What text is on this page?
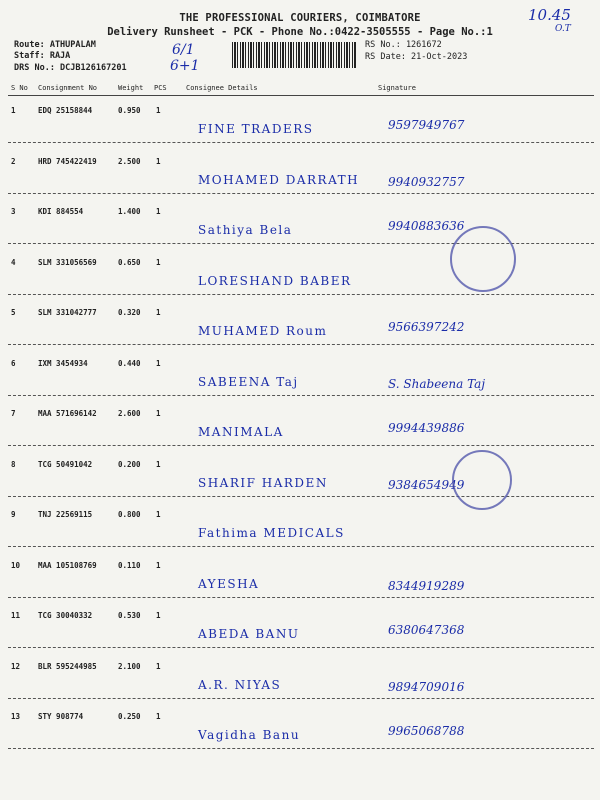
THE PROFESSIONAL COURIERS, COIMBATORE
Delivery Runsheet - PCK - Phone No.:0422-3505555 - Page No.:1
Route: ATHUPALAM
Staff: RAJA
DRS No.: DCJB126167201
RS No.: 1261672
RS Date: 21-Oct-2023
10.45
O.T
6/1
6+1
S No Consignment No	Weight PCS	Consignee Details	Signature
1	EDQ 25158844	0.950 1
FINE TRADERS	9597949767
2	HRD 745422419	2.500 1
MOHAMED DARRATH 9940932757
3	KDI 884554	1.400 1
Sathiya Bela	9940883636
4	SLM 331056569	0.650 1
LORESHAND BABER
5	SLM 331042777	0.320 1
MUHAMED Roum	9566397242
6	IXM 3454934	0.440 1
SABEENA Taj	S. Shabeena Taj
7	MAA 571696142	2.600 1
MANIMALA	9994439886
8	TCG 50491042	0.200 1
SHARIF HARDEN	9384654949
9	TNJ 22569115	0.800 1
Fathima MEDICALS
10 MAA 105108769	0.110 1
AYESHA	8344919289
11 TCG 30040332	0.530 1
ABEDA BANU	6380647368
12 BLR 595244985	2.100 1
A.R. NIYAS	9894709016
13 STY 908774	0.250 1
Vagidha Banu	9965068788
